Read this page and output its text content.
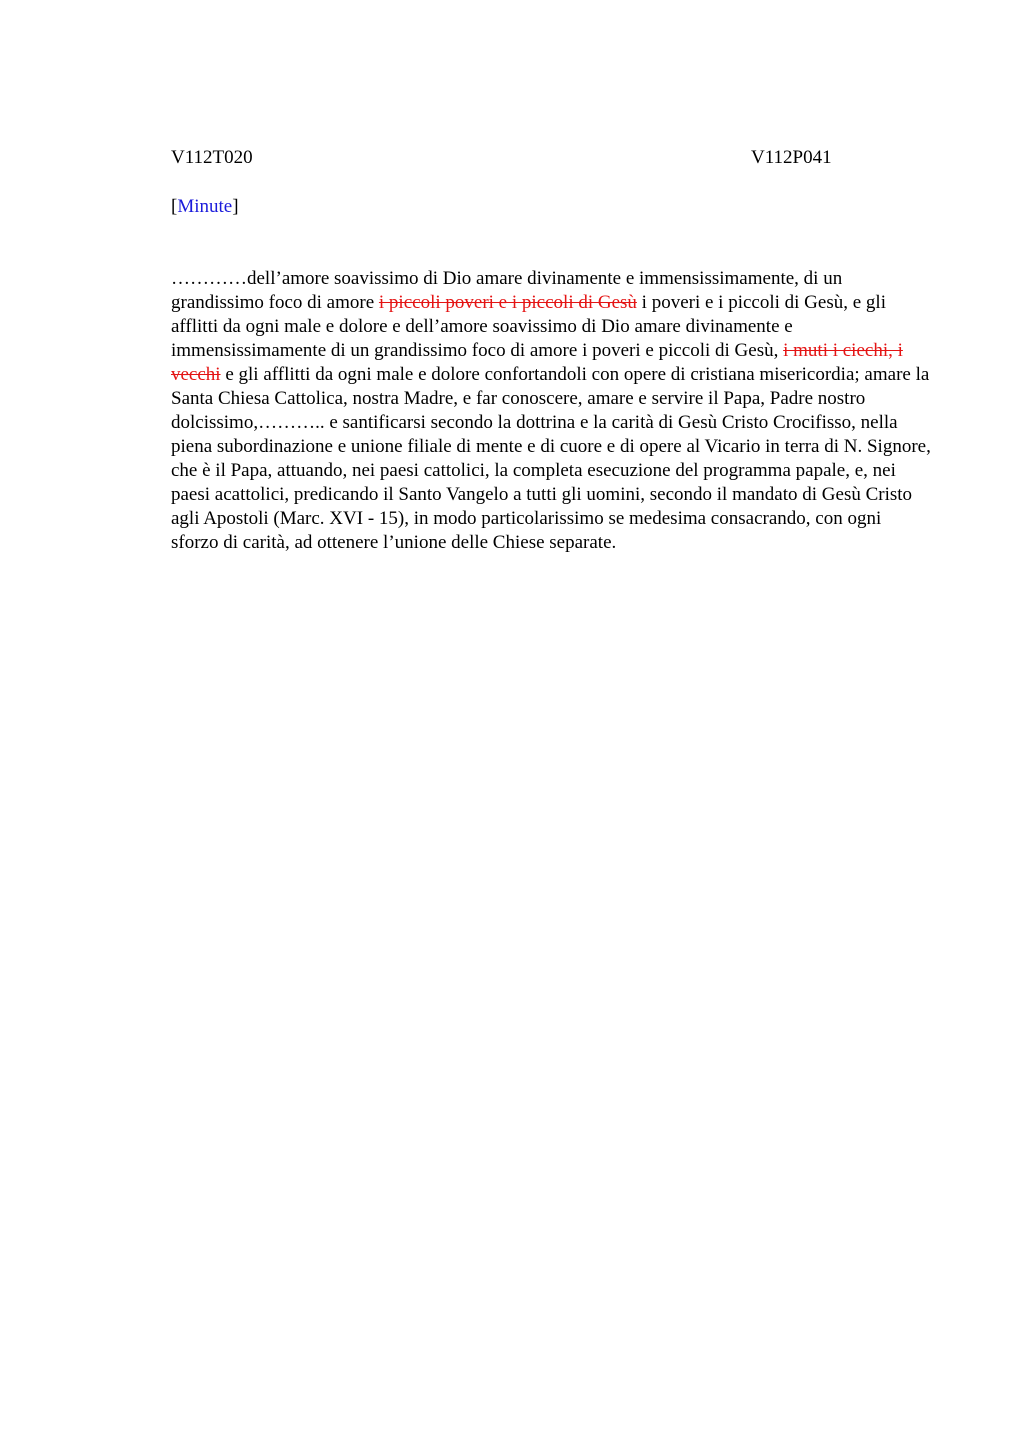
V112T020	V112P041
[Minute]

…………dell’amore soavissimo di Dio amare divinamente e immensissimamente, di un grandissimo foco di amore i piccoli poveri e i piccoli di Gesù i poveri e i piccoli di Gesù, e gli afflitti da ogni male e dolore e dell’amore soavissimo di Dio amare divinamente e immensissimamente di un grandissimo foco di amore i poveri e piccoli di Gesù, i muti i ciechi, i vecchi e gli afflitti da ogni male e dolore confortandoli con opere di cristiana misericordia; amare la Santa Chiesa Cattolica, nostra Madre, e far conoscere, amare e servire il Papa, Padre nostro dolcissimo,……….. e santificarsi secondo la dottrina e la carità di Gesù Cristo Crocifisso, nella piena subordinazione e unione filiale di mente e di cuore e di opere al Vicario in terra di N. Signore, che è il Papa, attuando, nei paesi cattolici, la completa esecuzione del programma papale, e, nei paesi acattolici, predicando il Santo Vangelo a tutti gli uomini, secondo il mandato di Gesù Cristo agli Apostoli (Marc. XVI - 15), in modo particolarissimo se medesima consacrando, con ogni sforzo di carità, ad ottenere l’unione delle Chiese separate.
